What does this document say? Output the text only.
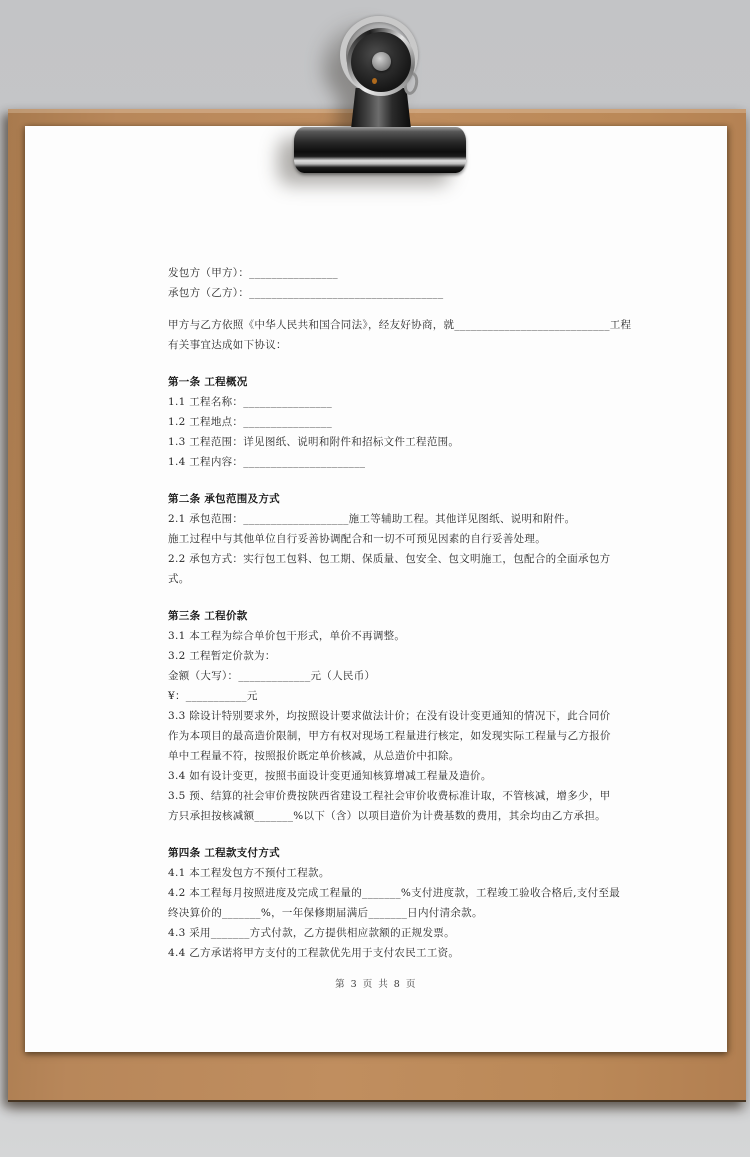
发包方（甲方）：________________
承包方（乙方）：___________________________________
甲方与乙方依照《中华人民共和国合同法》，经友好协商，就____________________________工程
有关事宜达成如下协议：
第一条 工程概况
1.1 工程名称：________________
1.2 工程地点：________________
1.3 工程范围：详见图纸、说明和附件和招标文件工程范围。
1.4 工程内容：______________________
第二条 承包范围及方式
2.1 承包范围：___________________施工等辅助工程。其他详见图纸、说明和附件。
施工过程中与其他单位自行妥善协调配合和一切不可预见因素的自行妥善处理。
2.2 承包方式：实行包工包料、包工期、保质量、包安全、包文明施工，包配合的全面承包方
式。
第三条 工程价款
3.1 本工程为综合单价包干形式，单价不再调整。
3.2 工程暂定价款为：
金额（大写）：_____________元（人民币）
¥：___________元
3.3 除设计特别要求外，均按照设计要求做法计价；在没有设计变更通知的情况下，此合同价
作为本项目的最高造价限制，甲方有权对现场工程量进行核定，如发现实际工程量与乙方报价
单中工程量不符，按照报价既定单价核减，从总造价中扣除。
3.4 如有设计变更，按照书面设计变更通知核算增减工程量及造价。
3.5 预、结算的社会审价费按陕西省建设工程社会审价收费标准计取，不管核减，增多少，甲
方只承担按核减额_______%以下（含）以项目造价为计费基数的费用，其余均由乙方承担。
第四条 工程款支付方式
4.1 本工程发包方不预付工程款。
4.2 本工程每月按照进度及完成工程量的_______%支付进度款，工程竣工验收合格后,支付至最
终决算价的_______%，一年保修期届满后_______日内付清余款。
4.3 采用_______方式付款，乙方提供相应款额的正规发票。
4.4 乙方承诺将甲方支付的工程款优先用于支付农民工工资。
第 3 页 共 8 页
